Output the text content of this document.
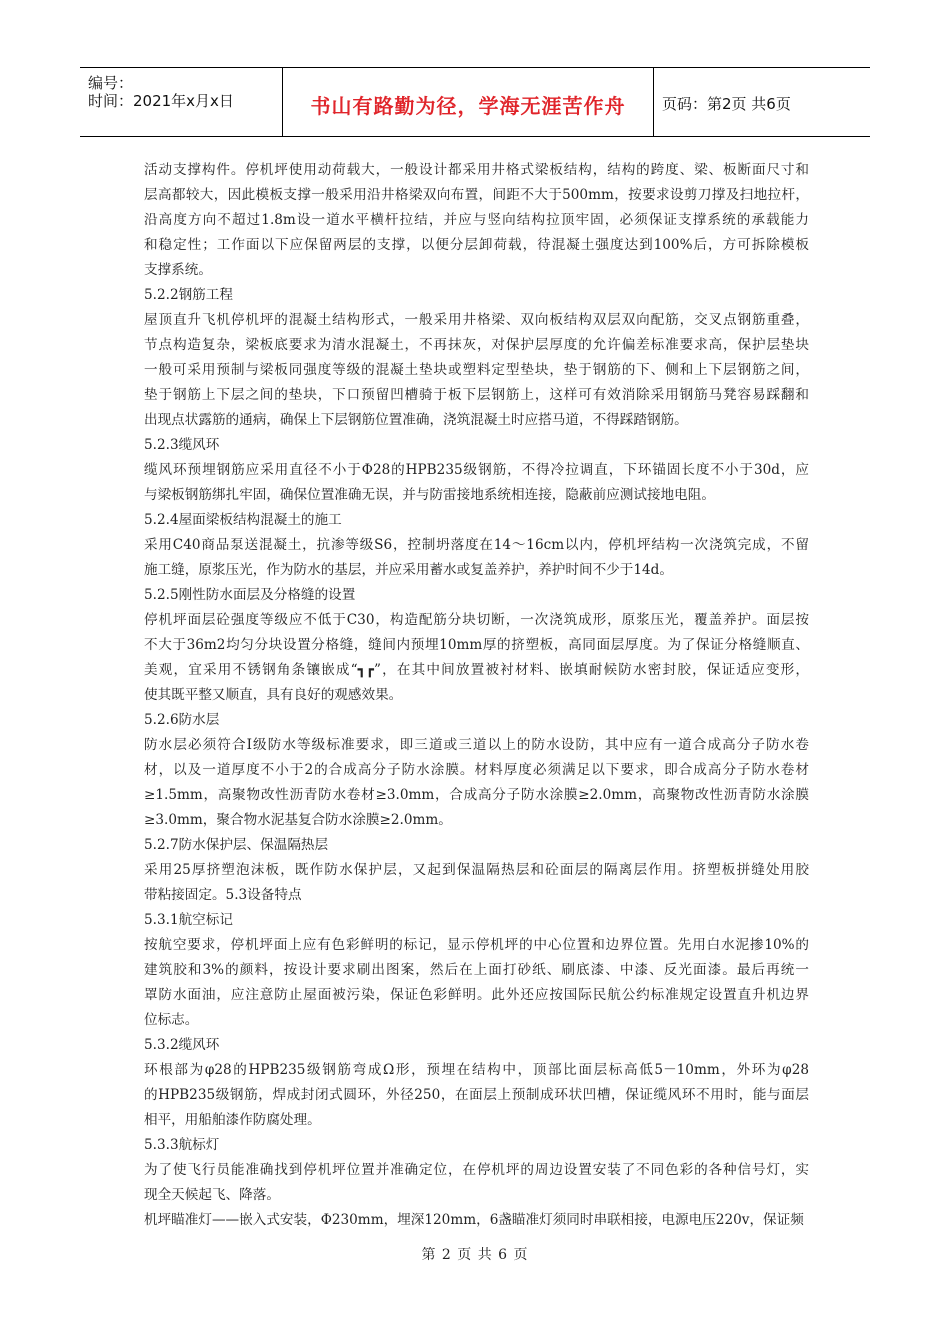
编号：
时间：2021年x月x日	书山有路勤为径，学海无涯苦作舟	页码：第2页 共6页
活动支撑构件。停机坪使用动荷载大，一般设计都采用井格式梁板结构，结构的跨度、梁、板断面尺寸和
层高都较大，因此模板支撑一般采用沿井格梁双向布置，间距不大于500mm，按要求设剪刀撑及扫地拉杆，
沿高度方向不超过1.8m设一道水平横杆拉结，并应与竖向结构拉顶牢固，必须保证支撑系统的承载能力
和稳定性；工作面以下应保留两层的支撑，以便分层卸荷载，待混凝土强度达到100%后，方可拆除模板
支撑系统。
5.2.2钢筋工程
屋顶直升飞机停机坪的混凝土结构形式，一般采用井格梁、双向板结构双层双向配筋，交叉点钢筋重叠，
节点构造复杂，梁板底要求为清水混凝土，不再抹灰，对保护层厚度的允许偏差标准要求高，保护层垫块
一般可采用预制与梁板同强度等级的混凝土垫块或塑料定型垫块，垫于钢筋的下、侧和上下层钢筋之间，
垫于钢筋上下层之间的垫块，下口预留凹槽骑于板下层钢筋上，这样可有效消除采用钢筋马凳容易踩翻和
出现点状露筋的通病，确保上下层钢筋位置准确，浇筑混凝土时应搭马道，不得踩踏钢筋。
5.2.3缆风环
缆风环预埋钢筋应采用直径不小于Φ28的HPB235级钢筋，不得冷拉调直，下环锚固长度不小于30d，应
与梁板钢筋绑扎牢固，确保位置准确无误，并与防雷接地系统相连接，隐蔽前应测试接地电阻。
5.2.4屋面梁板结构混凝土的施工
采用C40商品泵送混凝土，抗渗等级S6，控制坍落度在14～16cm以内，停机坪结构一次浇筑完成，不留
施工缝，原浆压光，作为防水的基层，并应采用蓄水或复盖养护，养护时间不少于14d。
5.2.5刚性防水面层及分格缝的设置
停机坪面层砼强度等级应不低于C30，构造配筋分块切断，一次浇筑成形，原浆压光，覆盖养护。面层按
不大于36m2均匀分块设置分格缝，缝间内预埋10mm厚的挤塑板，高同面层厚度。为了保证分格缝顺直、
美观，宜采用不锈钢角条镶嵌成“┓┏”，在其中间放置被衬材料、嵌填耐候防水密封胶，保证适应变形，
使其既平整又顺直，具有良好的观感效果。
5.2.6防水层
防水层必须符合Ⅰ级防水等级标准要求，即三道或三道以上的防水设防，其中应有一道合成高分子防水卷
材，以及一道厚度不小于2的合成高分子防水涂膜。材料厚度必须满足以下要求，即合成高分子防水卷材
≥1.5mm，高聚物改性沥青防水卷材≥3.0mm，合成高分子防水涂膜≥2.0mm，高聚物改性沥青防水涂膜
≥3.0mm，聚合物水泥基复合防水涂膜≥2.0mm。
5.2.7防水保护层、保温隔热层
采用25厚挤塑泡沫板，既作防水保护层，又起到保温隔热层和砼面层的隔离层作用。挤塑板拼缝处用胶
带粘接固定。5.3设备特点
5.3.1航空标记
按航空要求，停机坪面上应有色彩鲜明的标记，显示停机坪的中心位置和边界位置。先用白水泥掺10%的
建筑胶和3%的颜料，按设计要求刷出图案，然后在上面打砂纸、刷底漆、中漆、反光面漆。最后再统一
罩防水面油，应注意防止屋面被污染，保证色彩鲜明。此外还应按国际民航公约标准规定设置直升机边界
位标志。
5.3.2缆风环
环根部为φ28的HPB235级钢筋弯成Ω形，预埋在结构中，顶部比面层标高低5－10mm，外环为φ28
的HPB235级钢筋，焊成封闭式圆环，外径250，在面层上预制成环状凹槽，保证缆风环不用时，能与面层
相平，用船舶漆作防腐处理。
5.3.3航标灯
为了使飞行员能准确找到停机坪位置并准确定位，在停机坪的周边设置安装了不同色彩的各种信号灯，实
现全天候起飞、降落。
机坪瞄准灯——嵌入式安装，Φ230mm，埋深120mm，6盏瞄准灯须同时串联相接，电源电压220v，保证频
第 2 页 共 6 页
